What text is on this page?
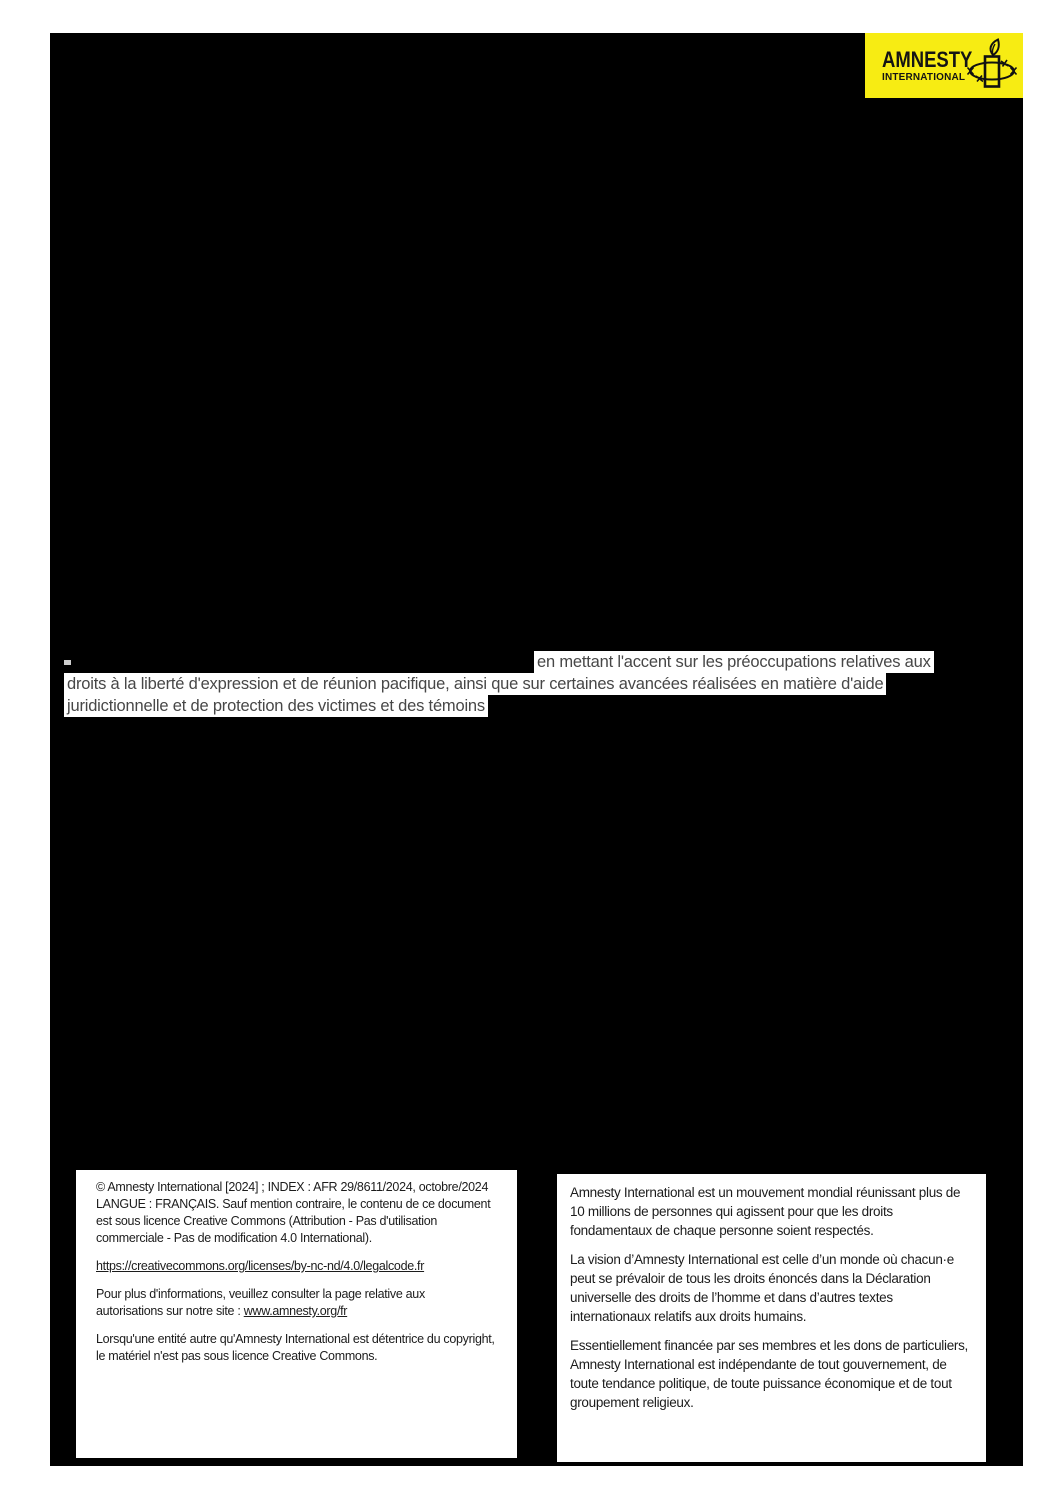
AMNESTY
INTERNATIONAL
en mettant l'accent sur les préoccupations relatives aux
droits à la liberté d'expression et de réunion pacifique, ainsi que sur certaines avancées réalisées en matière d'aide
juridictionnelle et de protection des victimes et des témoins

© Amnesty International [2024] ; INDEX : AFR 29/8611/2024, octobre/2024 LANGUE : FRANÇAIS. Sauf mention contraire, le contenu de ce document est sous licence Creative Commons (Attribution - Pas d'utilisation commerciale - Pas de modification 4.0 International).

https://creativecommons.org/licenses/by-nc-nd/4.0/legalcode.fr

Pour plus d'informations, veuillez consulter la page relative aux autorisations sur notre site : www.amnesty.org/fr

Lorsqu'une entité autre qu'Amnesty International est détentrice du copyright, le matériel n'est pas sous licence Creative Commons.

Amnesty International est un mouvement mondial réunissant plus de 10 millions de personnes qui agissent pour que les droits fondamentaux de chaque personne soient respectés.

La vision d’Amnesty International est celle d’un monde où chacun·e peut se prévaloir de tous les droits énoncés dans la Déclaration universelle des droits de l’homme et dans d’autres textes internationaux relatifs aux droits humains.

Essentiellement financée par ses membres et les dons de particuliers, Amnesty International est indépendante de tout gouvernement, de toute tendance politique, de toute puissance économique et de tout groupement religieux.
